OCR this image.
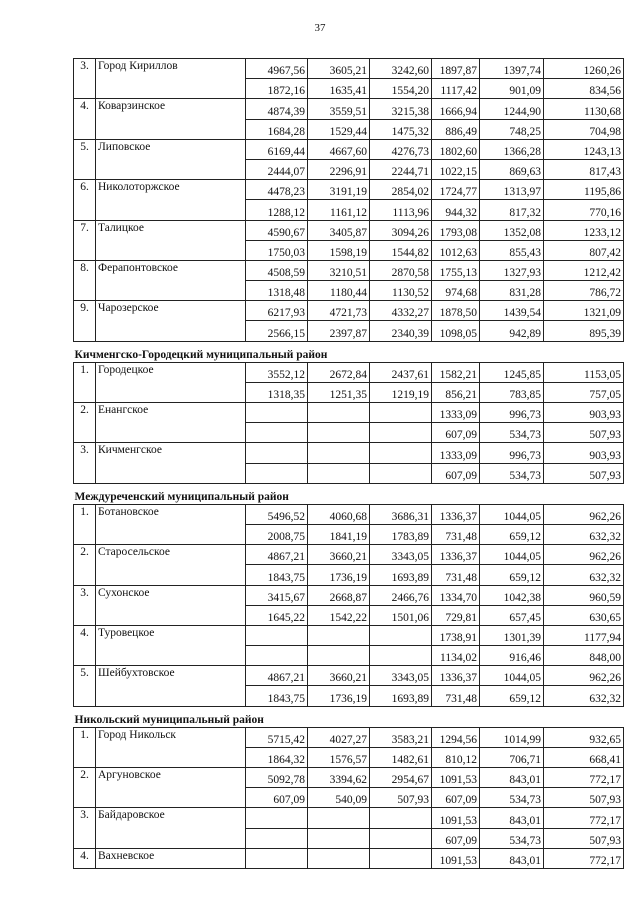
37
3.	Город Кириллов	4967,56	3605,21	3242,60	1897,87	1397,74	1260,26
		1872,16	1635,41	1554,20	1117,42	901,09	834,56
4.	Коварзинское	4874,39	3559,51	3215,38	1666,94	1244,90	1130,68
		1684,28	1529,44	1475,32	886,49	748,25	704,98
5.	Липовское	6169,44	4667,60	4276,73	1802,60	1366,28	1243,13
		2444,07	2296,91	2244,71	1022,15	869,63	817,43
6.	Николоторжское	4478,23	3191,19	2854,02	1724,77	1313,97	1195,86
		1288,12	1161,12	1113,96	944,32	817,32	770,16
7.	Талицкое	4590,67	3405,87	3094,26	1793,08	1352,08	1233,12
		1750,03	1598,19	1544,82	1012,63	855,43	807,42
8.	Ферапонтовское	4508,59	3210,51	2870,58	1755,13	1327,93	1212,42
		1318,48	1180,44	1130,52	974,68	831,28	786,72
9.	Чарозерское	6217,93	4721,73	4332,27	1878,50	1439,54	1321,09
		2566,15	2397,87	2340,39	1098,05	942,89	895,39
Кичменгско-Городецкий муниципальный район							
1.	Городецкое	3552,12	2672,84	2437,61	1582,21	1245,85	1153,05
		1318,35	1251,35	1219,19	856,21	783,85	757,05
2.	Енангское				1333,09	996,73	903,93
					607,09	534,73	507,93
3.	Кичменгское				1333,09	996,73	903,93
					607,09	534,73	507,93
Междуреченский муниципальный район							
1.	Ботановское	5496,52	4060,68	3686,31	1336,37	1044,05	962,26
		2008,75	1841,19	1783,89	731,48	659,12	632,32
2.	Старосельское	4867,21	3660,21	3343,05	1336,37	1044,05	962,26
		1843,75	1736,19	1693,89	731,48	659,12	632,32
3.	Сухонское	3415,67	2668,87	2466,76	1334,70	1042,38	960,59
		1645,22	1542,22	1501,06	729,81	657,45	630,65
4.	Туровецкое				1738,91	1301,39	1177,94
					1134,02	916,46	848,00
5.	Шейбухтовское	4867,21	3660,21	3343,05	1336,37	1044,05	962,26
		1843,75	1736,19	1693,89	731,48	659,12	632,32
Никольский муниципальный район							
1.	Город Никольск	5715,42	4027,27	3583,21	1294,56	1014,99	932,65
		1864,32	1576,57	1482,61	810,12	706,71	668,41
2.	Аргуновское	5092,78	3394,62	2954,67	1091,53	843,01	772,17
		607,09	540,09	507,93	607,09	534,73	507,93
3.	Байдаровское				1091,53	843,01	772,17
					607,09	534,73	507,93
4.	Вахневское				1091,53	843,01	772,17
